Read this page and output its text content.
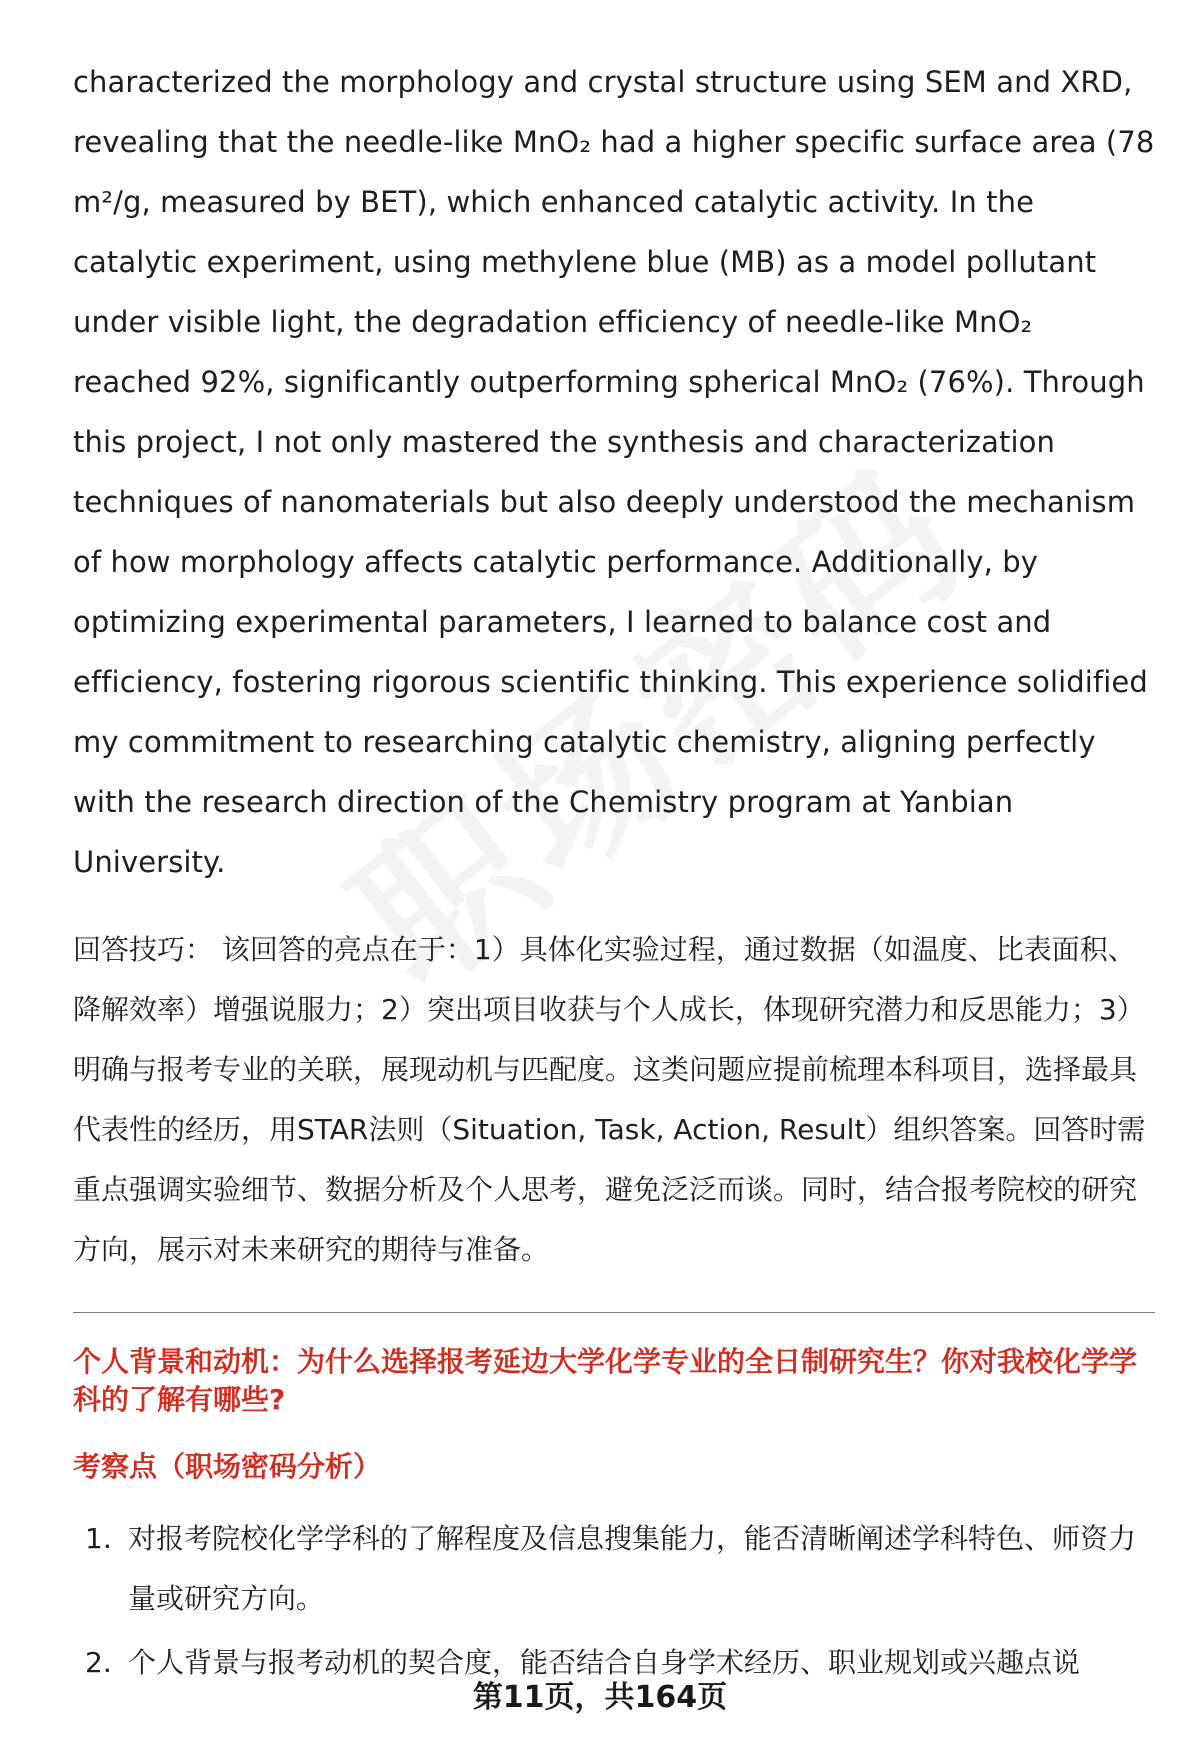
characterized the morphology and crystal structure using SEM and XRD, revealing that the needle-like MnO₂ had a higher specific surface area (78 m²/g, measured by BET), which enhanced catalytic activity. In the catalytic experiment, using methylene blue (MB) as a model pollutant under visible light, the degradation efficiency of needle-like MnO₂ reached 92%, significantly outperforming spherical MnO₂ (76%). Through this project, I not only mastered the synthesis and characterization techniques of nanomaterials but also deeply understood the mechanism of how morphology affects catalytic performance. Additionally, by optimizing experimental parameters, I learned to balance cost and efficiency, fostering rigorous scientific thinking. This experience solidified my commitment to researching catalytic chemistry, aligning perfectly with the research direction of the Chemistry program at Yanbian University.

回答技巧： 该回答的亮点在于：1）具体化实验过程，通过数据（如温度、比表面积、降解效率）增强说服力；2）突出项目收获与个人成长，体现研究潜力和反思能力；3）明确与报考专业的关联，展现动机与匹配度。这类问题应提前梳理本科项目，选择最具代表性的经历，用STAR法则（Situation, Task, Action, Result）组织答案。回答时需重点强调实验细节、数据分析及个人思考，避免泛泛而谈。同时，结合报考院校的研究方向，展示对未来研究的期待与准备。

个人背景和动机：为什么选择报考延边大学化学专业的全日制研究生？你对我校化学学科的了解有哪些?

考察点（职场密码分析）

1. 对报考院校化学学科的了解程度及信息搜集能力，能否清晰阐述学科特色、师资力量或研究方向。
2. 个人背景与报考动机的契合度，能否结合自身学术经历、职业规划或兴趣点说
第11页，共164页
